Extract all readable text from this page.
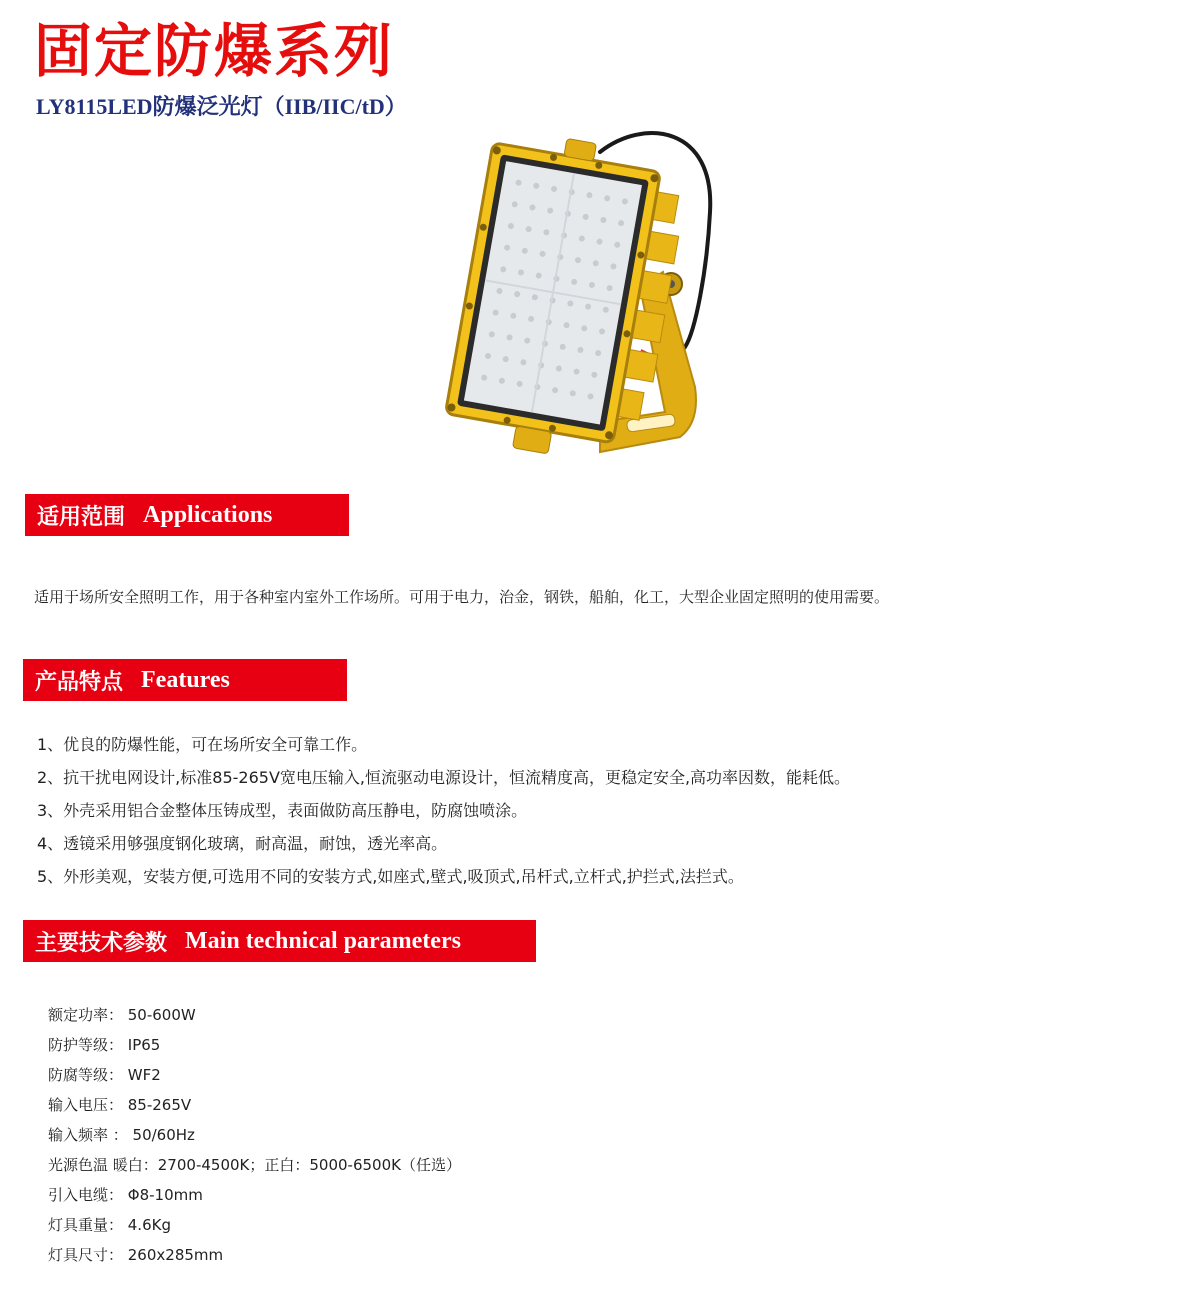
固定防爆系列
LY8115LED防爆泛光灯（IIB/IIC/tD）
适用范围 Applications

适用于场所安全照明工作，用于各种室内室外工作场所。可用于电力，治金，钢铁，船舶，化工，大型企业固定照明的使用需要。

产品特点 Features
1、优良的防爆性能，可在场所安全可靠工作。
2、抗干扰电网设计,标准85-265V宽电压输入,恒流驱动电源设计，恒流精度高，更稳定安全,高功率因数，能耗低。
3、外壳采用铝合金整体压铸成型，表面做防高压静电，防腐蚀喷涂。
4、透镜采用够强度钢化玻璃，耐高温，耐蚀，透光率高。
5、外形美观，安装方便,可选用不同的安装方式,如座式,壁式,吸顶式,吊杆式,立杆式,护拦式,法拦式。
主要技术参数 Main technical parameters
额定功率： 50-600W
防护等级： IP65
防腐等级： WF2
输入电压： 85-265V
输入频率 ： 50/60Hz
光源色温 暖白：2700-4500K；正白：5000-6500K（任选）
引入电缆： Φ8-10mm
灯具重量： 4.6Kg
灯具尺寸： 260x285mm
